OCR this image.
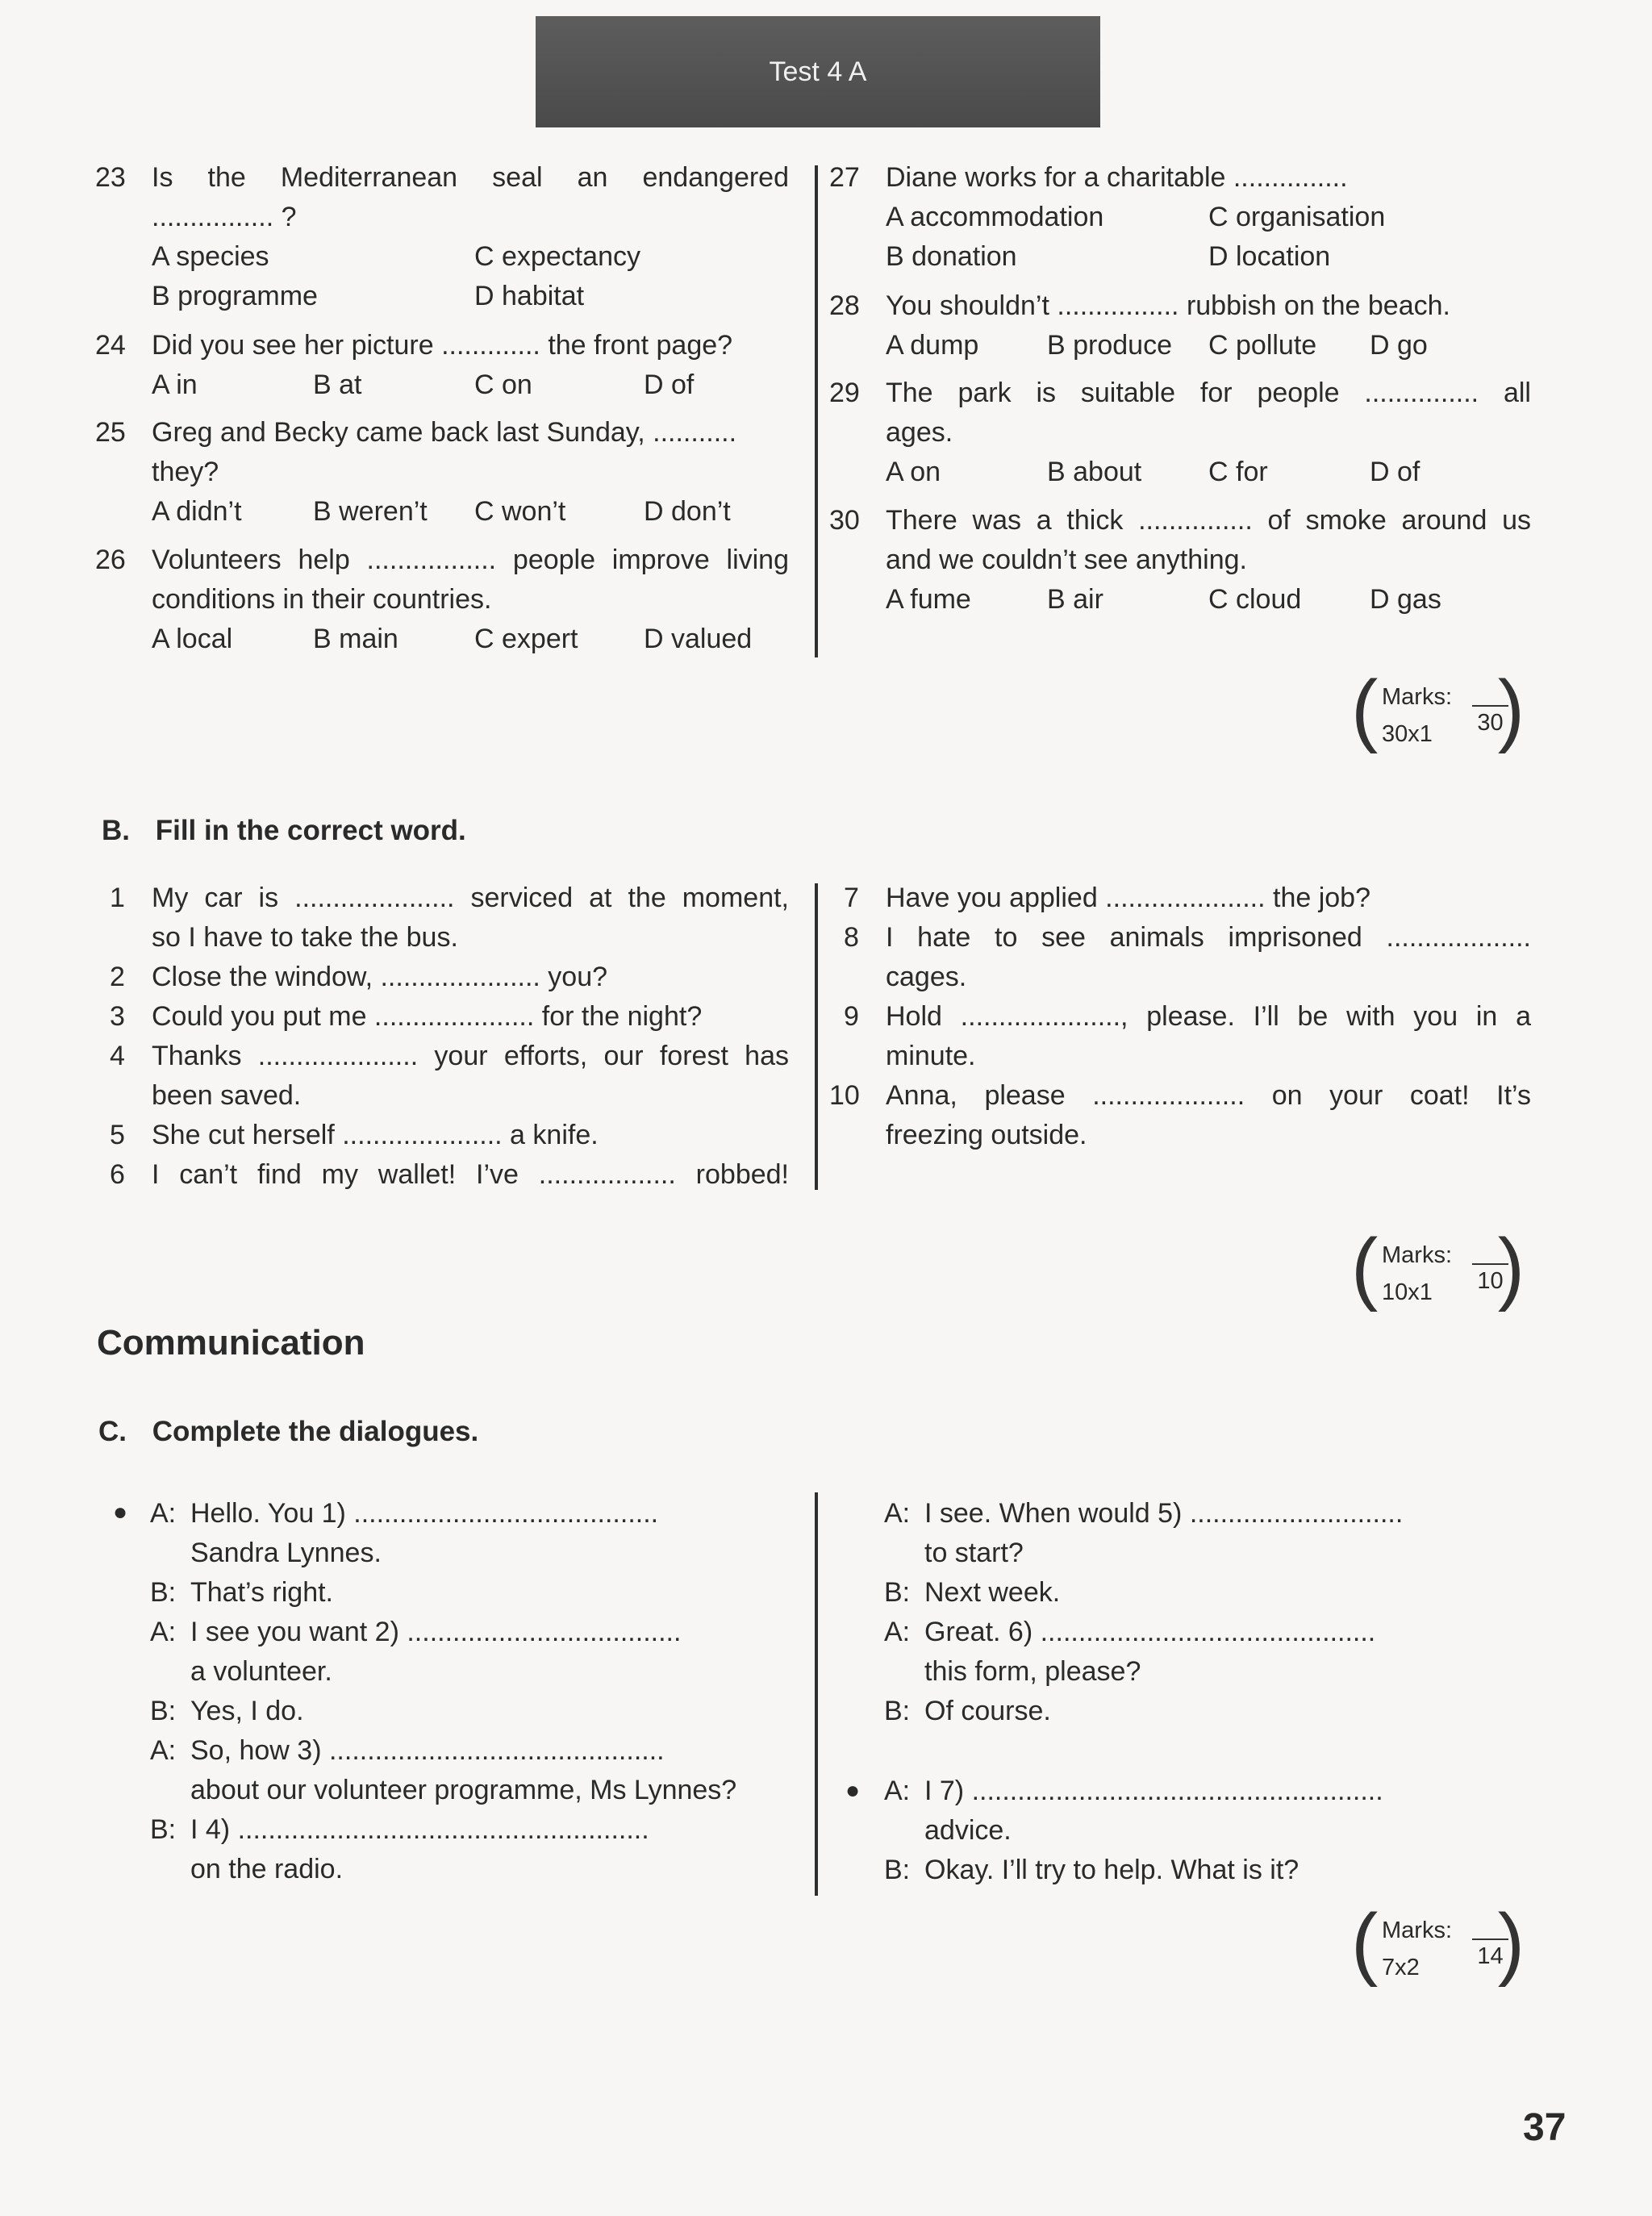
Test 4 A
23 Is the Mediterranean seal an endangered
................ ?
A species	C expectancy
B programme	D habitat
24 Did you see her picture ............. the front page?
A in	B at	C on	D of
25 Greg and Becky came back last Sunday, ...........
they?
A didn’t	B weren’t C won’t	D don’t
26 Volunteers help ................. people improve living
conditions in their countries.
A local	B main	C expert D valued
27 Diane works for a charitable ...............
A accommodation	C organisation
B donation	D location
28 You shouldn’t ................ rubbish on the beach.
A dump B produce C pollute D go
29 The park is suitable for people ............... all
ages.
A on	B about C for	D of
30 There was a thick ............... of smoke around us
and we couldn’t see anything.
A fume	B air	C cloud D gas
( Marks:
30x1 30
)
B. Fill in the correct word.
1 My car is ..................... serviced at the moment,
so I have to take the bus.
2 Close the window, ..................... you?
3 Could you put me ..................... for the night?
4 Thanks ..................... your efforts, our forest has
been saved.
5 She cut herself ..................... a knife.
6 I can’t find my wallet! I’ve .................. robbed!
7 Have you applied ..................... the job?
8 I hate to see animals imprisoned ...................
cages.
9 Hold ....................., please. I’ll be with you in a
minute.
10 Anna, please .................... on your coat! It’s
freezing outside.
( Marks:
10x1 10
)
Communication
C. Complete the dialogues.
●
●
A: Hello. You 1) ........................................
Sandra Lynnes.
B: That’s right.
A: I see you want 2) ....................................
a volunteer.
B: Yes, I do.
A: So, how 3) ............................................
about our volunteer programme, Ms Lynnes?
B: I 4) ......................................................
on the radio.
A: I see. When would 5) ............................
to start?
B: Next week.
A: Great. 6) ............................................
this form, please?
B: Of course.
A: I 7) ......................................................
advice.
B: Okay. I’ll try to help. What is it?
( Marks:
7x2 14
)
37
